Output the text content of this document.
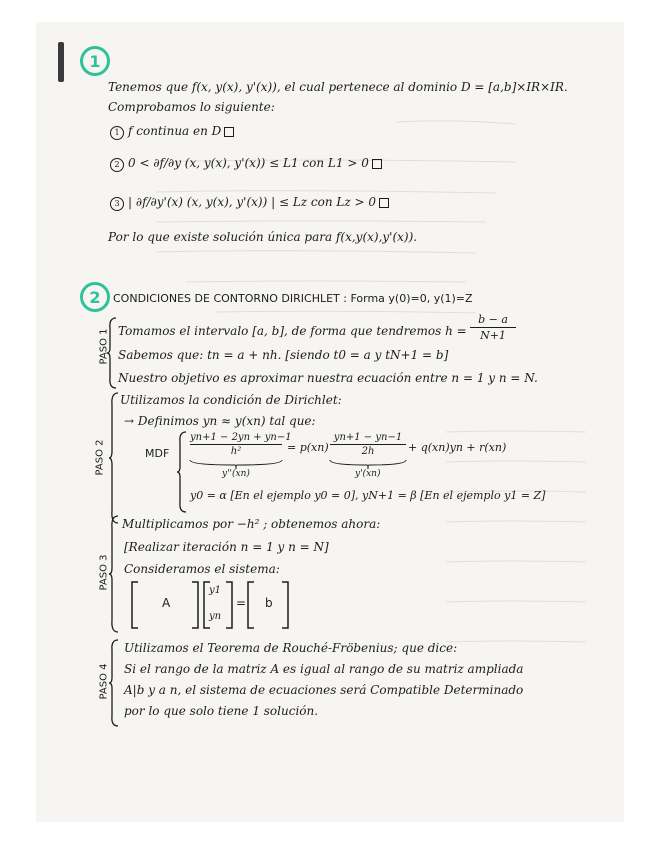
1
Tenemos que f(x, y(x), y'(x)), el cual pertenece al dominio D = [a,b]×IR×IR.
Comprobamos lo siguiente:
1 f continua en D
2 0 < ∂f/∂y (x, y(x), y'(x)) ≤ L1 con L1 > 0
3 | ∂f/∂y'(x) (x, y(x), y'(x)) | ≤ Lz con Lz > 0
Por lo que existe solución única para f(x,y(x),y'(x)).
2	CONDICIONES DE CONTORNO DIRICHLET : Forma y(0)=0, y(1)=Z
PASO 1 Tomamos el intervalo [a, b], de forma que tendremos h =
b − a
N+1
Sabemos que: tn = a + nh. [siendo t0 = a y tN+1 = b]
Nuestro objetivo es aproximar nuestra ecuación entre n = 1 y n = N.
PASO 2
Utilizamos la condición de Dirichlet:
→ Definimos yn ≈ y(xn) tal que:
MDF
yn+1 − 2yn + yn−1
h²	= p(xn)
yn+1 − yn−1
2h	+ q(xn)yn + r(xn)
y''(xn)	y'(xn)
y0 = α [En el ejemplo y0 = 0], yN+1 = β [En el ejemplo y1 = Z]
PASO 3
Multiplicamos por −h² ; obtenemos ahora:
[Realizar iteración n = 1 y n = N]
Consideramos el sistema:
A
y1
yn
= b
PASO 4
Utilizamos el Teorema de Rouché-Fröbenius; que dice:
Si el rango de la matriz A es igual al rango de su matriz ampliada
A|b y a n, el sistema de ecuaciones será Compatible Determinado
por lo que solo tiene 1 solución.
